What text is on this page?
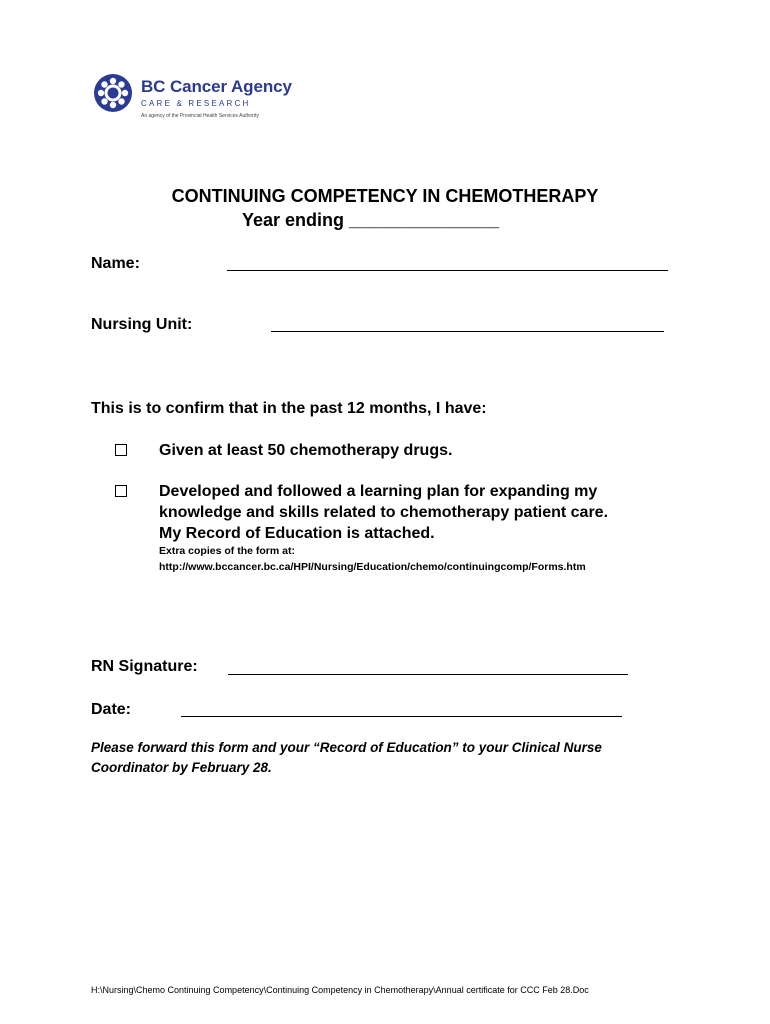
BC Cancer Agency
CARE & RESEARCH
An agency of the Provincial Health Services Authority
CONTINUING COMPETENCY IN CHEMOTHERAPY
Year ending _______________
Name:
Nursing Unit:
This is to confirm that in the past 12 months, I have:
Given at least 50 chemotherapy drugs.
Developed and followed a learning plan for expanding my
knowledge and skills related to chemotherapy patient care.
My Record of Education is attached.
Extra copies of the form at:
http://www.bccancer.bc.ca/HPI/Nursing/Education/chemo/continuingcomp/Forms.htm
RN Signature:
Date:
Please forward this form and your “Record of Education” to your Clinical Nurse
Coordinator by February 28.
H:\Nursing\Chemo Continuing Competency\Continuing Competency in Chemotherapy\Annual certificate for CCC Feb 28.Doc
